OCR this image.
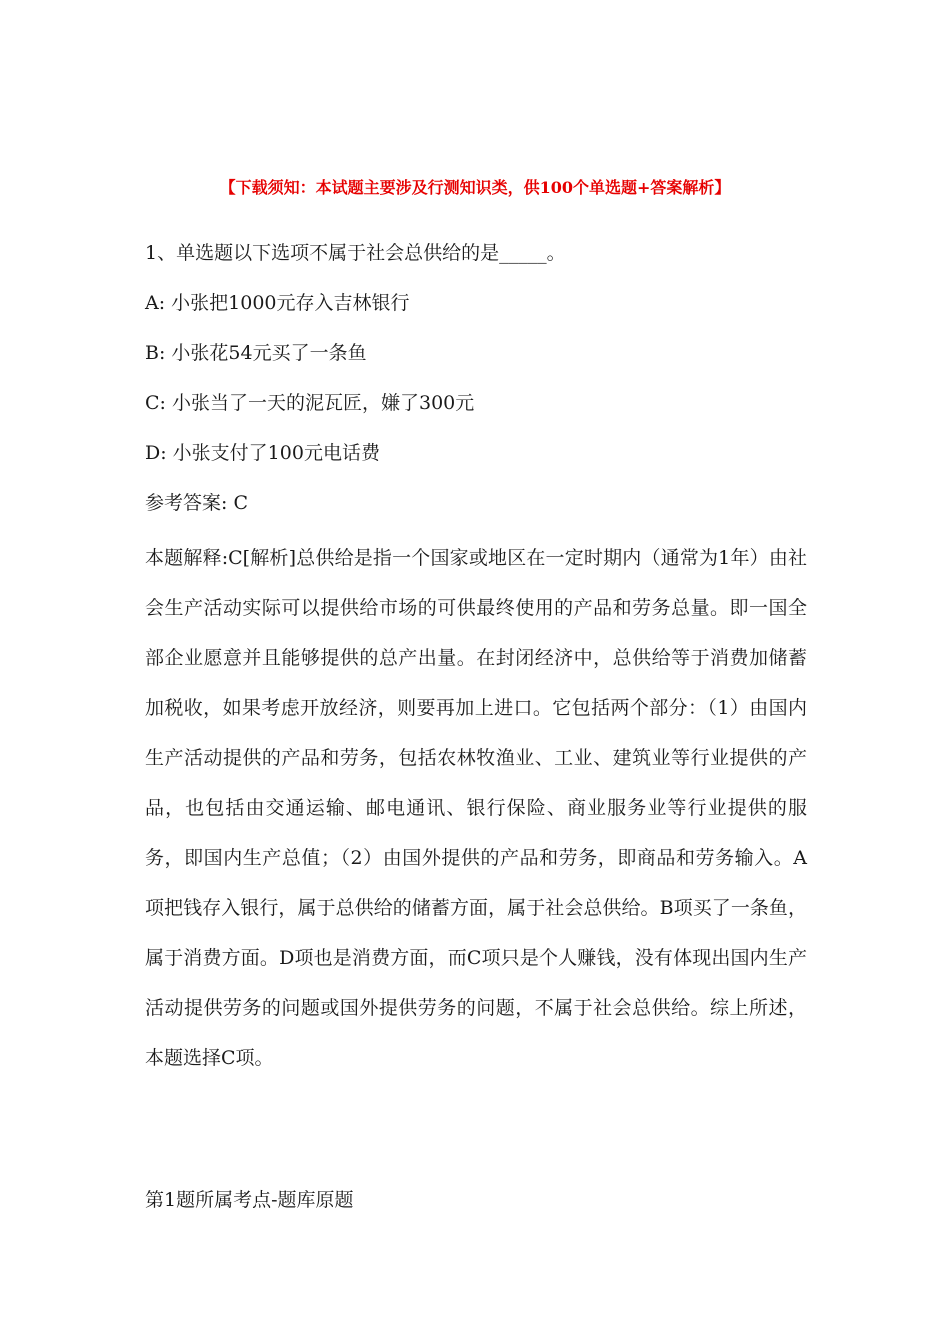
【下载须知：本试题主要涉及行测知识类，供100个单选题+答案解析】
1、单选题以下选项不属于社会总供给的是_____。
A: 小张把1000元存入吉林银行
B: 小张花54元买了一条鱼
C: 小张当了一天的泥瓦匠，嫌了300元
D: 小张支付了100元电话费
参考答案: C
本题解释:C[解析]总供给是指一个国家或地区在一定时期内（通常为1年）由社会生产活动实际可以提供给市场的可供最终使用的产品和劳务总量。即一国全部企业愿意并且能够提供的总产出量。在封闭经济中，总供给等于消费加储蓄加税收，如果考虑开放经济，则要再加上进口。它包括两个部分：（1）由国内生产活动提供的产品和劳务，包括农林牧渔业、工业、建筑业等行业提供的产品，也包括由交通运输、邮电通讯、银行保险、商业服务业等行业提供的服务，即国内生产总值；（2）由国外提供的产品和劳务，即商品和劳务输入。A项把钱存入银行，属于总供给的储蓄方面，属于社会总供给。B项买了一条鱼，属于消费方面。D项也是消费方面，而C项只是个人赚钱，没有体现出国内生产活动提供劳务的问题或国外提供劳务的问题，不属于社会总供给。综上所述，本题选择C项。
第1题所属考点-题库原题
